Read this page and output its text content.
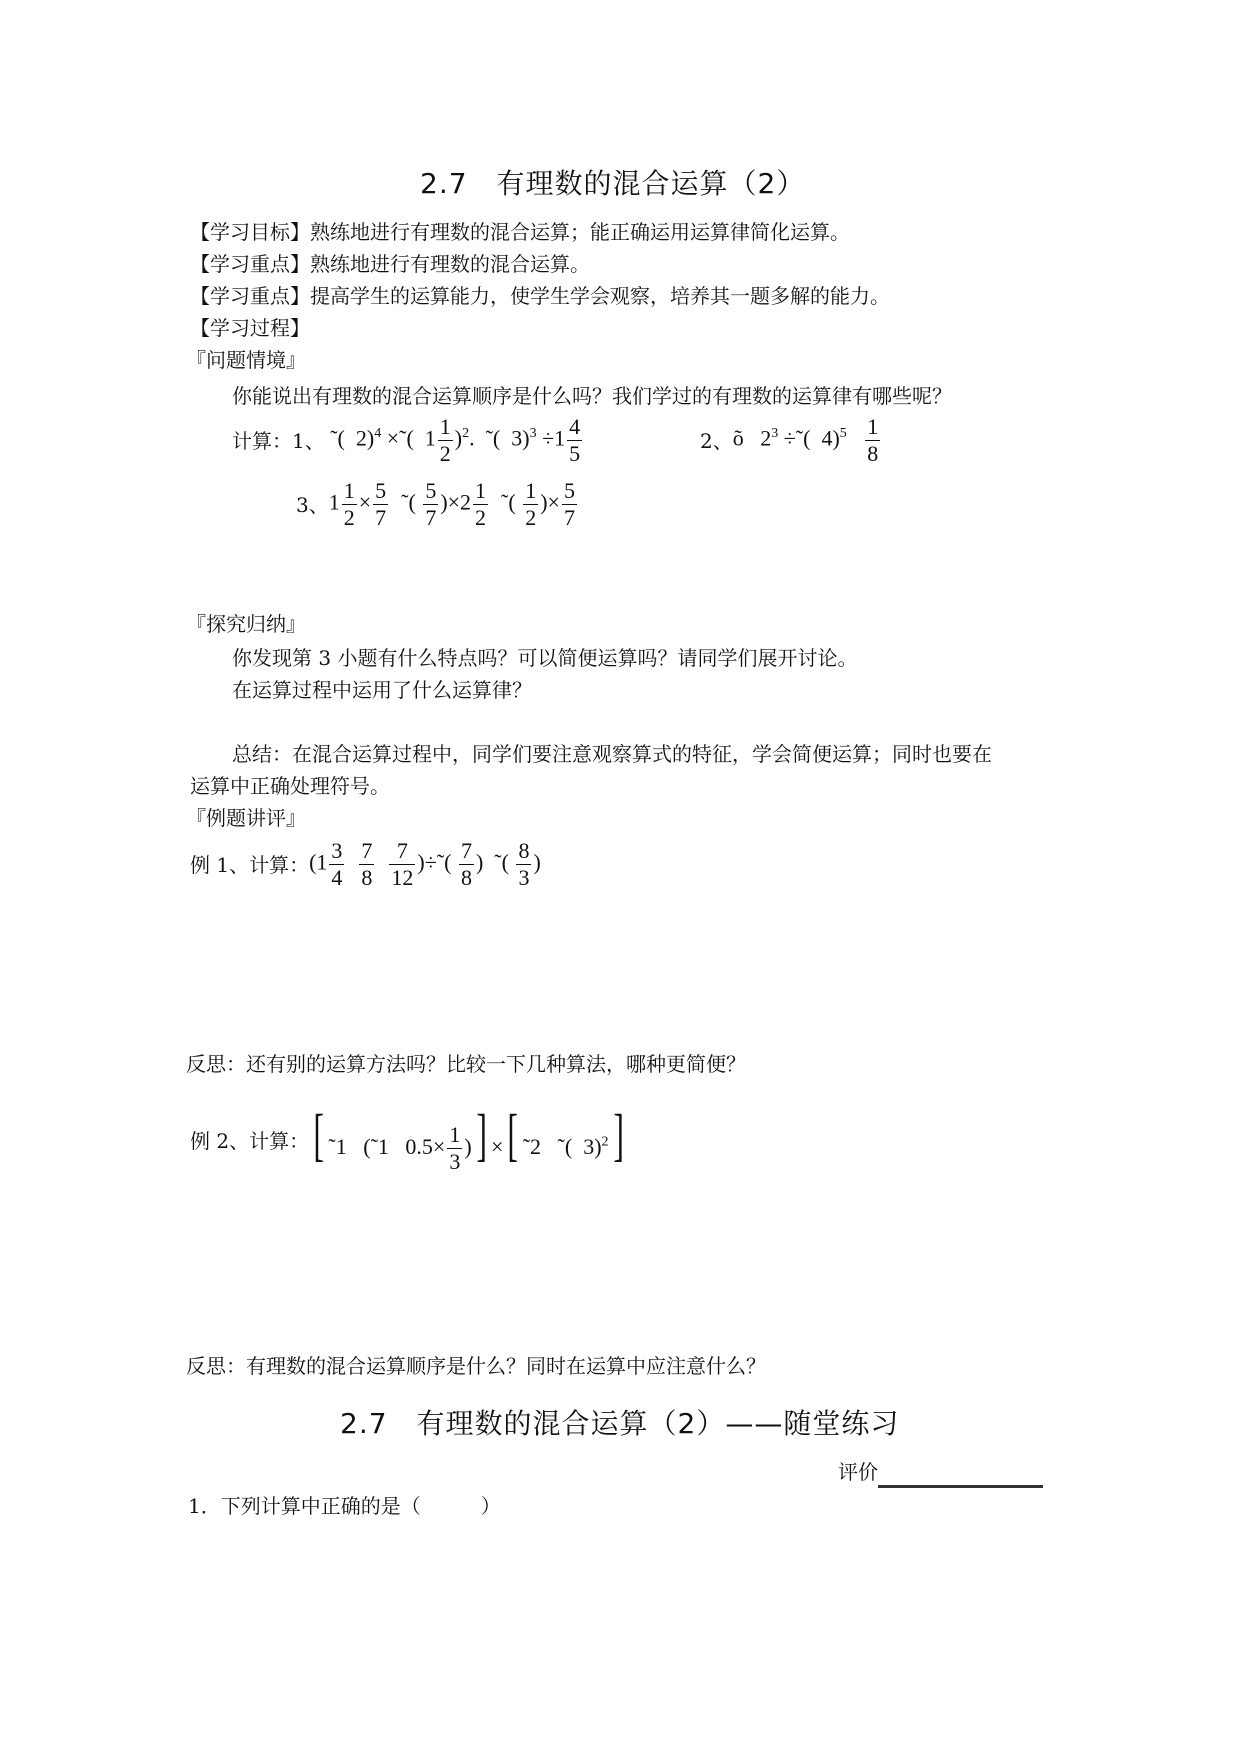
2.7　有理数的混合运算（2）
【学习目标】熟练地进行有理数的混合运算；能正确运用运算律简化运算。
【学习重点】熟练地进行有理数的混合运算。
【学习重点】提高学生的运算能力，使学生学会观察，培养其一题多解的能力。
【学习过程】
『问题情境』
你能说出有理数的混合运算顺序是什么吗？我们学过的有理数的运算律有哪些呢？
计算：1、 ˜(  2)$^4$ ×˜(  $1 \frac{1}{2} )^2$.  ˜(  $3)^3 \div 1 \frac{4}{5}$	2、 õ   $2^3$ ÷˜(  $4)^5 \frac{1}{8}$
3、 $1 \frac{1}{2} \times \frac{5}{7}$ ˜( $\frac{5}{7} )\times 2 \frac{1}{2}$ ˜( $\frac{1}{2}$ )× $\frac{5}{7}$
『探究归纳』
你发现第 3 小题有什么特点吗？可以简便运算吗？请同学们展开讨论。
在运算过程中运用了什么运算律？
总结：在混合运算过程中，同学们要注意观察算式的特征，学会简便运算；同时也要在
运算中正确处理符号。
『例题讲评』
例 1、计算： ($1 \frac{3}{4}$
$\frac{7}{8}$
$\frac{7}{12}$ )÷˜( $\frac{7}{8}$ )  ˜( $\frac{8}{3}$ )
反思：还有别的运算方法吗？比较一下几种算法，哪种更简便？
例 2、计算： [ ˜1   (˜1   $0.5\times \frac{1}{3}$ )] ×[ ˜2   ˜(  3)$^2$]
反思：有理数的混合运算顺序是什么？同时在运算中应注意什么？
2.7　有理数的混合运算（2）——随堂练习
评价
1．下列计算中正确的是（　　　）
